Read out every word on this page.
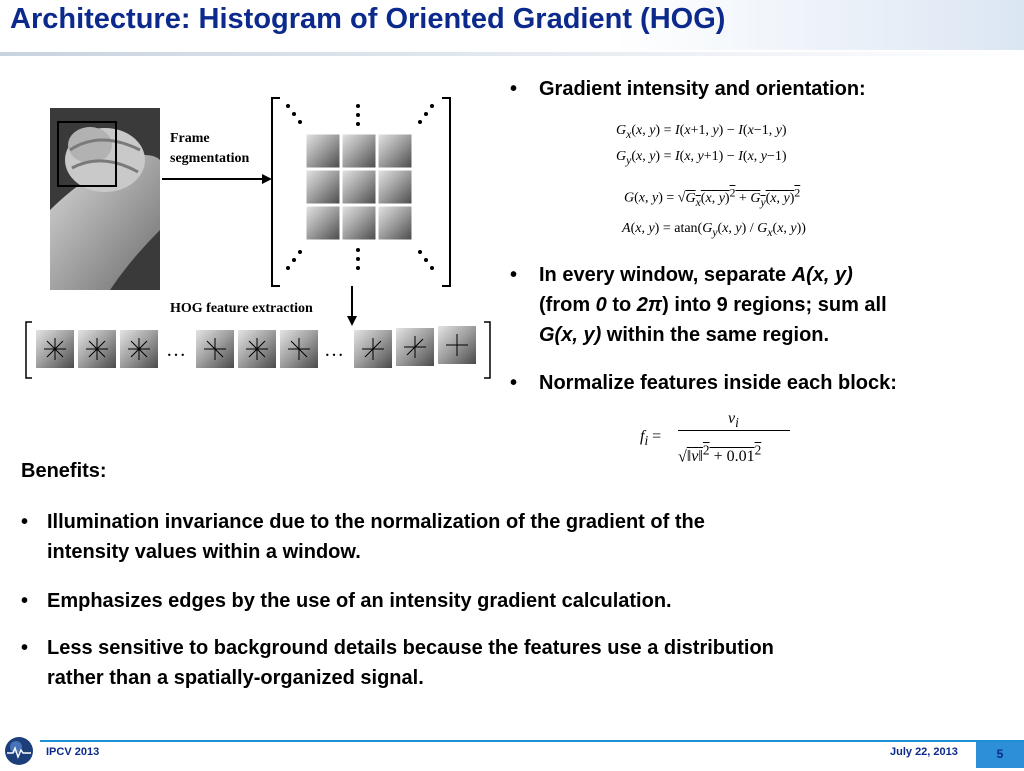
Architecture: Histogram of Oriented Gradient (HOG)
Frame
segmentation
HOG feature extraction
…	…
•	Gradient intensity and orientation:
$G_x(x$, y) = I(x+1, y) − I(x−1, y)
$G_y(x$, y) = I(x, y+1) − I(x, y−1)
G(x, $y) = √G_x(x$, $y)^2 + G_y(x$, y)$^2$
A(x, $y) = atan(G_y(x$, $y) / G_x(x$, y))
•	In every window, separate A(x, y)
(from 0 to 2π) into 9 regions; sum all
G(x, y) within the same region.
•	Normalize features inside each block:
$f_i$ =
$v_i$
√‖v‖$^2$ + $0.01^2$
Benefits:
• Illumination invariance due to the normalization of the gradient of the
intensity values within a window.
• Emphasizes edges by the use of an intensity gradient calculation.
• Less sensitive to background details because the features use a distribution
rather than a spatially-organized signal.
IPCV 2013	July 22, 2013	5
